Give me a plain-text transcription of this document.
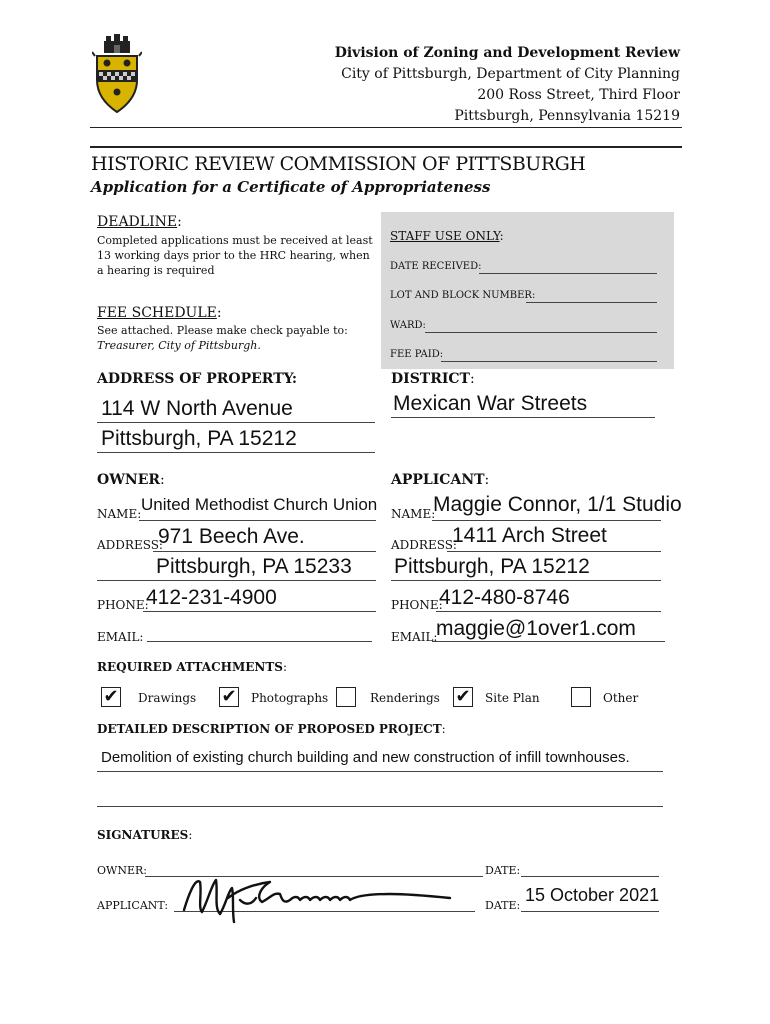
Division of Zoning and Development Review
City of Pittsburgh, Department of City Planning
200 Ross Street, Third Floor
Pittsburgh, Pennsylvania 15219
HISTORIC REVIEW COMMISSION OF PITTSBURGH
Application for a Certificate of Appropriateness
DEADLINE:
Completed applications must be received at least 13 working days prior to the HRC hearing, when a hearing is required
FEE SCHEDULE:
See attached. Please make check payable to:
Treasurer, City of Pittsburgh.
STAFF USE ONLY:
DATE RECEIVED:
LOT AND BLOCK NUMBER:
WARD:
FEE PAID:
ADDRESS OF PROPERTY:
114 W North Avenue
Pittsburgh, PA 15212
DISTRICT:
Mexican War Streets
OWNER:
NAME: United Methodist Church Union
ADDRESS:
971 Beech Ave.
Pittsburgh, PA 15233
PHONE:
412-231-4900
EMAIL:
APPLICANT:
NAME:
Maggie Connor, 1/1 Studio
ADDRESS:
1411 Arch Street
Pittsburgh, PA 15212
PHONE:
412-480-8746
EMAIL:
maggie@1over1.com
REQUIRED ATTACHMENTS:
✔ Drawings ✔ Photographs	Renderings ✔ Site Plan	Other
DETAILED DESCRIPTION OF PROPOSED PROJECT:
Demolition of existing church building and new construction of infill townhouses.
SIGNATURES:
OWNER:	DATE:
APPLICANT:	DATE:
15 October 2021
